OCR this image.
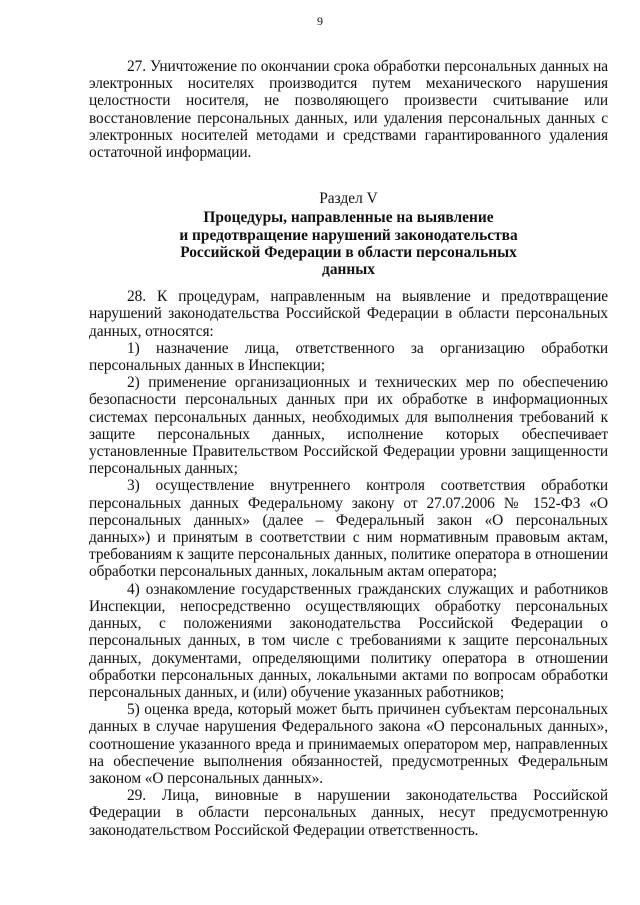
9

27. Уничтожение по окончании срока обработки персональных данных на электронных носителях производится путем механического нарушения целостности носителя, не позволяющего произвести считывание или восстановление персональных данных, или удаления персональных данных с электронных носителей методами и средствами гарантированного удаления остаточной информации.

Раздел V

Процедуры, направленные на выявление
и предотвращение нарушений законодательства
Российской Федерации в области персональных
данных

28. К процедурам, направленным на выявление и предотвращение нарушений законодательства Российской Федерации в области персональных данных, относятся:

1) назначение лица, ответственного за организацию обработки персональных данных в Инспекции;

2) применение организационных и технических мер по обеспечению безопасности персональных данных при их обработке в информационных системах персональных данных, необходимых для выполнения требований к защите персональных данных, исполнение которых обеспечивает установленные Правительством Российской Федерации уровни защищенности персональных данных;

3) осуществление внутреннего контроля соответствия обработки персональных данных Федеральному закону от 27.07.2006 № 152-ФЗ «О персональных данных» (далее – Федеральный закон «О персональных данных») и принятым в соответствии с ним нормативным правовым актам, требованиям к защите персональных данных, политике оператора в отношении обработки персональных данных, локальным актам оператора;

4) ознакомление государственных гражданских служащих и работников Инспекции, непосредственно осуществляющих обработку персональных данных, с положениями законодательства Российской Федерации о персональных данных, в том числе с требованиями к защите персональных данных, документами, определяющими политику оператора в отношении обработки персональных данных, локальными актами по вопросам обработки персональных данных, и (или) обучение указанных работников;

5) оценка вреда, который может быть причинен субъектам персональных данных в случае нарушения Федерального закона «О персональных данных», соотношение указанного вреда и принимаемых оператором мер, направленных на обеспечение выполнения обязанностей, предусмотренных Федеральным законом «О персональных данных».

29. Лица, виновные в нарушении законодательства Российской Федерации в области персональных данных, несут предусмотренную законодательством Российской Федерации ответственность.
